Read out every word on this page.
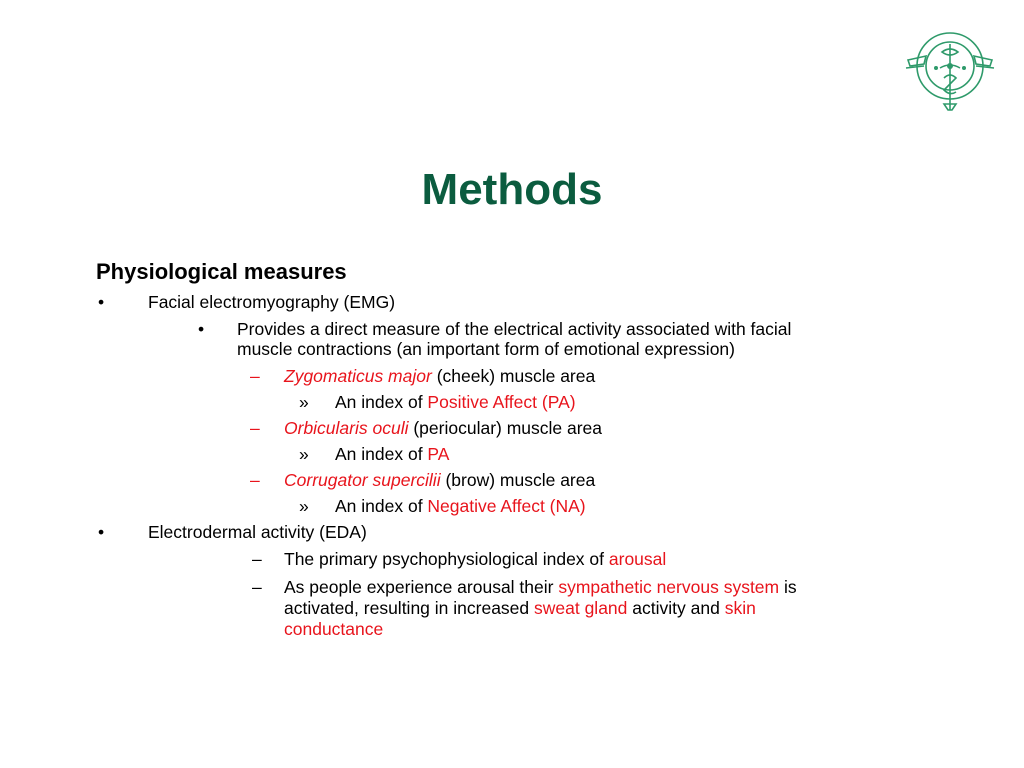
Methods
Physiological measures
•	Facial electromyography (EMG)
• Provides a direct measure of the electrical activity associated with facial
muscle contractions (an important form of emotional expression)
– Zygomaticus major (cheek) muscle area
» An index of Positive Affect (PA)
– Orbicularis oculi (periocular) muscle area
» An index of PA
– Corrugator supercilii (brow) muscle area
» An index of Negative Affect (NA)
•	Electrodermal activity (EDA)
– The primary psychophysiological index of arousal
– As people experience arousal their sympathetic nervous system is
activated, resulting in increased sweat gland activity and skin
conductance
